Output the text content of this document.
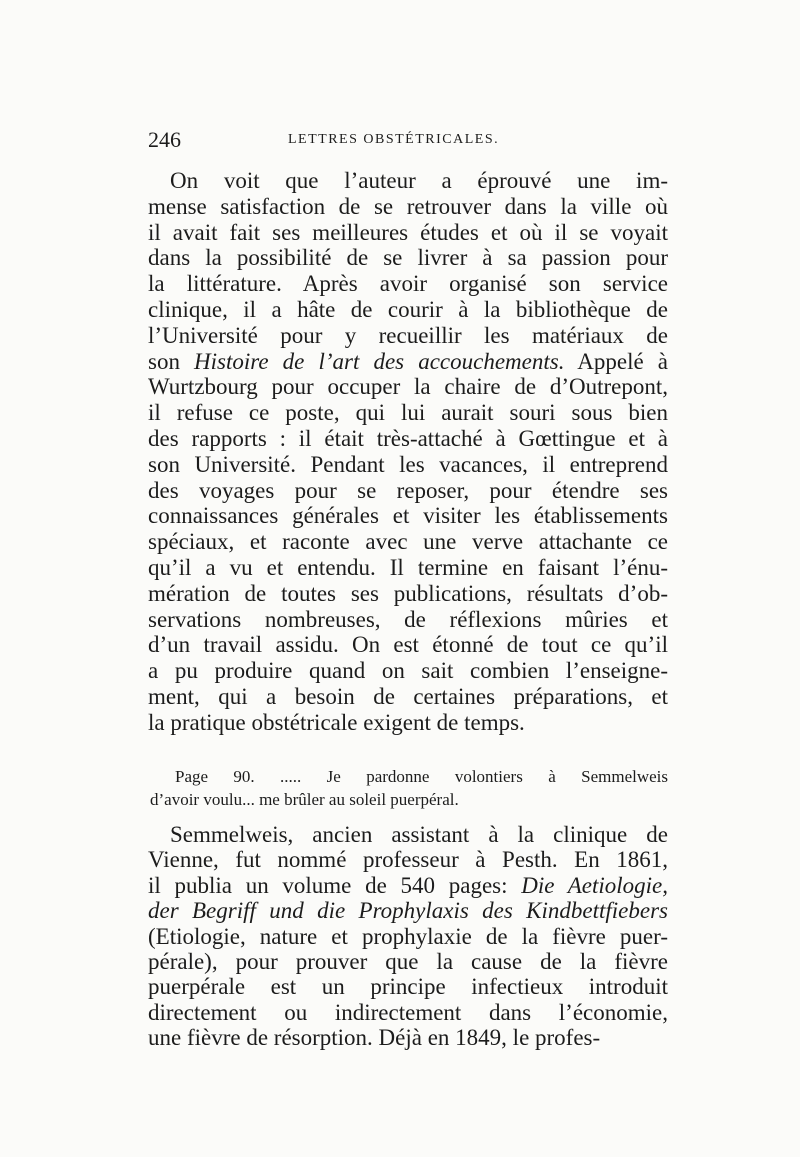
246	LETTRES OBSTÉTRICALES.
On voit que l’auteur a éprouvé une im-
mense satisfaction de se retrouver dans la ville où
il avait fait ses meilleures études et où il se voyait
dans la possibilité de se livrer à sa passion pour
la littérature. Après avoir organisé son service
clinique, il a hâte de courir à la bibliothèque de
l’Université pour y recueillir les matériaux de
son Histoire de l’art des accouchements. Appelé à
Wurtzbourg pour occuper la chaire de d’Outrepont,
il refuse ce poste, qui lui aurait souri sous bien
des rapports : il était très-attaché à Gœttingue et à
son Université. Pendant les vacances, il entreprend
des voyages pour se reposer, pour étendre ses
connaissances générales et visiter les établissements
spéciaux, et raconte avec une verve attachante ce
qu’il a vu et entendu. Il termine en faisant l’énu-
mération de toutes ses publications, résultats d’ob-
servations nombreuses, de réflexions mûries et
d’un travail assidu. On est étonné de tout ce qu’il
a pu produire quand on sait combien l’enseigne-
ment, qui a besoin de certaines préparations, et
la pratique obstétricale exigent de temps.
Page 90. ..... Je pardonne volontiers à Semmelweis
d’avoir voulu... me brûler au soleil puerpéral.
Semmelweis, ancien assistant à la clinique de
Vienne, fut nommé professeur à Pesth. En 1861,
il publia un volume de 540 pages: Die Aetiologie,
der Begriff und die Prophylaxis des Kindbettfiebers
(Etiologie, nature et prophylaxie de la fièvre puer-
pérale), pour prouver que la cause de la fièvre
puerpérale est un principe infectieux introduit
directement ou indirectement dans l’économie,
une fièvre de résorption. Déjà en 1849, le profes-
